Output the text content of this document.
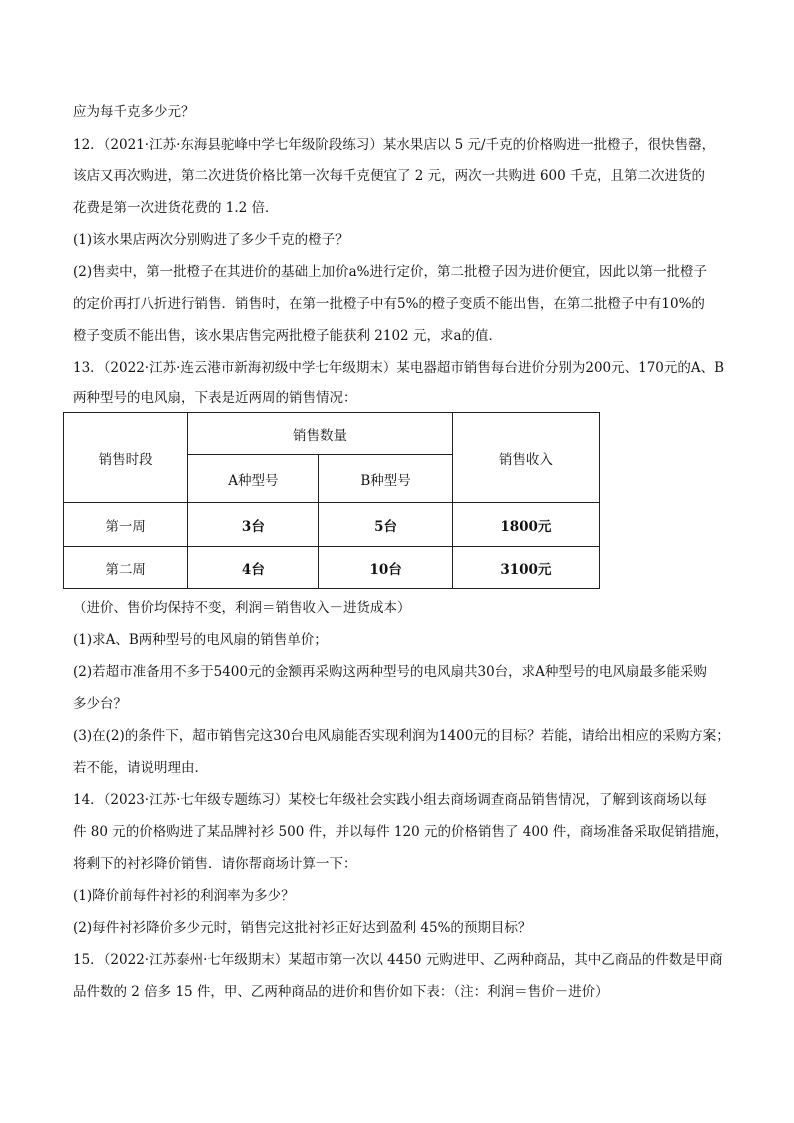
应为每千克多少元？
12．（2021·江苏·东海县驼峰中学七年级阶段练习）某水果店以 5 元/千克的价格购进一批橙子，很快售罄，
该店又再次购进，第二次进货价格比第一次每千克便宜了 2 元，两次一共购进 600 千克，且第二次进货的
花费是第一次进货花费的 1.2 倍．
(1)该水果店两次分别购进了多少千克的橙子？
(2)售卖中，第一批橙子在其进价的基础上加价a%进行定价，第二批橙子因为进价便宜，因此以第一批橙子
的定价再打八折进行销售．销售时，在第一批橙子中有5%的橙子变质不能出售，在第二批橙子中有10%的
橙子变质不能出售，该水果店售完两批橙子能获利 2102 元，求a的值．
13．（2022·江苏·连云港市新海初级中学七年级期末）某电器超市销售每台进价分别为200元、170元的A、B
两种型号的电风扇，下表是近两周的销售情况：
（进价、售价均保持不变，利润＝销售收入－进货成本）
(1)求A、B两种型号的电风扇的销售单价；
(2)若超市准备用不多于5400元的金额再采购这两种型号的电风扇共30台，求A种型号的电风扇最多能采购
多少台？
(3)在(2)的条件下，超市销售完这30台电风扇能否实现利润为1400元的目标？若能，请给出相应的采购方案；
若不能，请说明理由．
14．（2023·江苏·七年级专题练习）某校七年级社会实践小组去商场调查商品销售情况，了解到该商场以每
件 80 元的价格购进了某品牌衬衫 500 件，并以每件 120 元的价格销售了 400 件，商场准备采取促销措施，
将剩下的衬衫降价销售．请你帮商场计算一下：
(1)降价前每件衬衫的利润率为多少？
(2)每件衬衫降价多少元时，销售完这批衬衫正好达到盈利 45%的预期目标？
15．（2022·江苏泰州·七年级期末）某超市第一次以 4450 元购进甲、乙两种商品，其中乙商品的件数是甲商
品件数的 2 倍多 15 件，甲、乙两种商品的进价和售价如下表：（注：利润＝售价－进价）
销售时段	销售数量		销售收入
	A种型号	B种型号	
第一周	3台	5台	1800元
第二周	4台	10台	3100元
